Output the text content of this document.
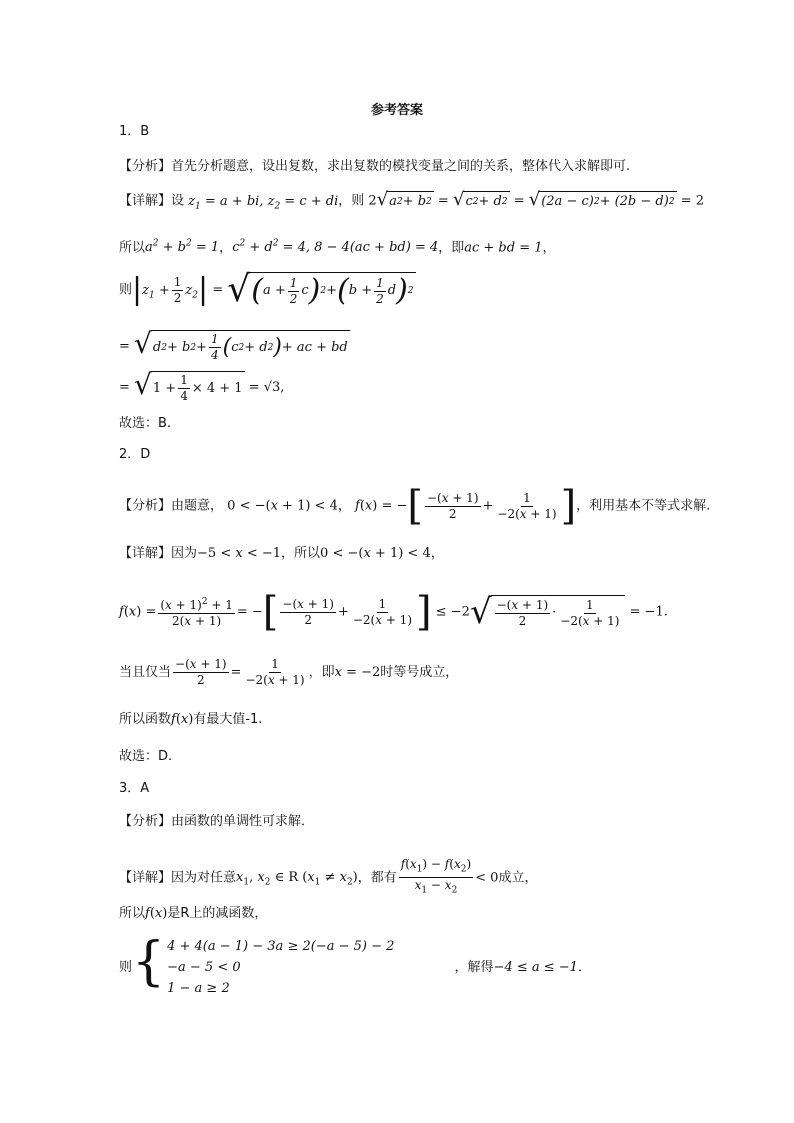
参考答案
1．B
【分析】首先分析题意，设出复数，求出复数的模找变量之间的关系，整体代入求解即可.
【详解】设 $z_1 = a$ + bi, $z_2 = c$ + di，则 2 √ a 2 + b 2 = √ c 2 + d 2 = √ (2a − c) 2 + (2b − d) 2 = 2
所以$a^2 + b^2 = 1$，$c^2 + d^2 = 4$, 8 − 4(ac + bd) = 4，即ac + bd = 1，
则$|z_1 + \frac{1}{2} z_2|$ = √ ( $a + \frac{1}{2}$ c ) 2 + ( $b + \frac{1}{2}$ d ) 2
= √ d 2 + b $2 + \frac{1}{4}$ ( c 2 + d 2 ) + ac + bd
= √ $1 + \frac{1}{4} \times 4 + 1 = √3$,
故选：B.
2．D
【分析】由题意， 0 < −(x + 1) < 4， f(x) = −[ $\frac{-(x + 1)}{2} + \frac{1}{-2(x + 1)}$ ]，利用基本不等式求解.
【详解】因为−5 < x < −1，所以0 < −(x + 1) < 4，
$f(x) = \frac{(x + 1)^2 + 1}{2(x + 1)}$ = −[ $\frac{-(x + 1)}{2} + \frac{1}{-2(x + 1)}$ ] ≤ −2 √ $\frac{-(x + 1)}{2} \cdot \frac{1}{-2(x + 1)} = -1$.
当且仅当 $\frac{-(x + 1)}{2} = \frac{1}{-2(x + 1)}$ ，即x = −2时等号成立，
所以函数f(x)有最大值-1.
故选：D.
3．A
【分析】由函数的单调性可求解．
【详解】因为对任意$x_1$, $x_2$ ∈ R $(x_1 \ne x_2)$，都有 $\frac{f(x_1) - f(x_2)}{x_1 - x_2} < 0$成立，
所以f(x)是R上的减函数，
则 { 4 + 4(a − 1) − 3a ≥ 2(−a − 5) − 2
−a − 5 < 0
1 − a ≥ 2
，解得−4 ≤ a ≤ −1．
